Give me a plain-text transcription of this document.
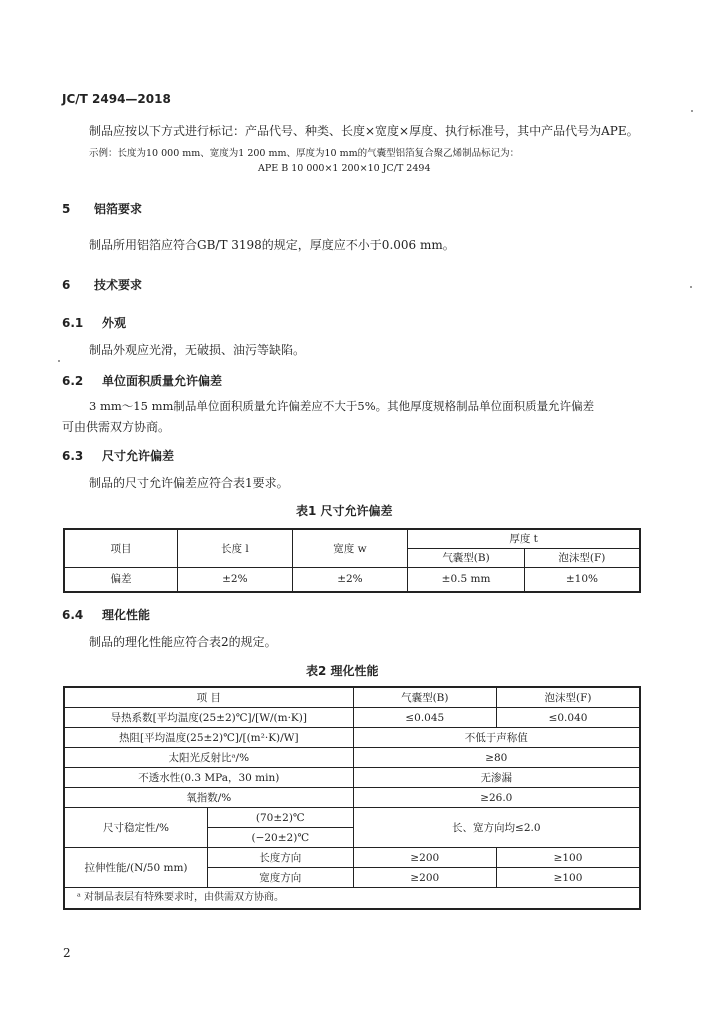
JC/T 2494—2018
制品应按以下方式进行标记：产品代号、种类、长度×宽度×厚度、执行标准号，其中产品代号为APE。
示例：长度为10 000 mm、宽度为1 200 mm、厚度为10 mm的气囊型铝箔复合聚乙烯制品标记为：
APE B 10 000×1 200×10 JC/T 2494
5 铝箔要求
制品所用铝箔应符合GB/T 3198的规定，厚度应不小于0.006 mm。
6 技术要求
6.1 外观
制品外观应光滑，无破损、油污等缺陷。
6.2 单位面积质量允许偏差
3 mm～15 mm制品单位面积质量允许偏差应不大于5%。其他厚度规格制品单位面积质量允许偏差
可由供需双方协商。
6.3 尺寸允许偏差
制品的尺寸允许偏差应符合表1要求。
表1 尺寸允许偏差
项目	长度 l	宽度 w	厚度 t	
			气囊型(B)	泡沫型(F)
偏差	±2%	±2%	±0.5 mm	±10%
6.4 理化性能
制品的理化性能应符合表2的规定。
表2 理化性能
项 目		气囊型(B)	泡沫型(F)
导热系数[平均温度(25±2)℃]/[W/(m·K)]		≤0.045	≤0.040
热阻[平均温度(25±2)℃]/[(m²·K)/W]		不低于声称值	
太阳光反射比ᵃ/%		≥80	
不透水性(0.3 MPa，30 min)		无渗漏	
氧指数/%		≥26.0	
尺寸稳定性/%	(70±2)℃	长、宽方向均≤2.0	
	(−20±2)℃		
拉伸性能/(N/50 mm)	长度方向	≥200	≥100
	宽度方向	≥200	≥100
ᵃ 对制品表层有特殊要求时，由供需双方协商。			
2
